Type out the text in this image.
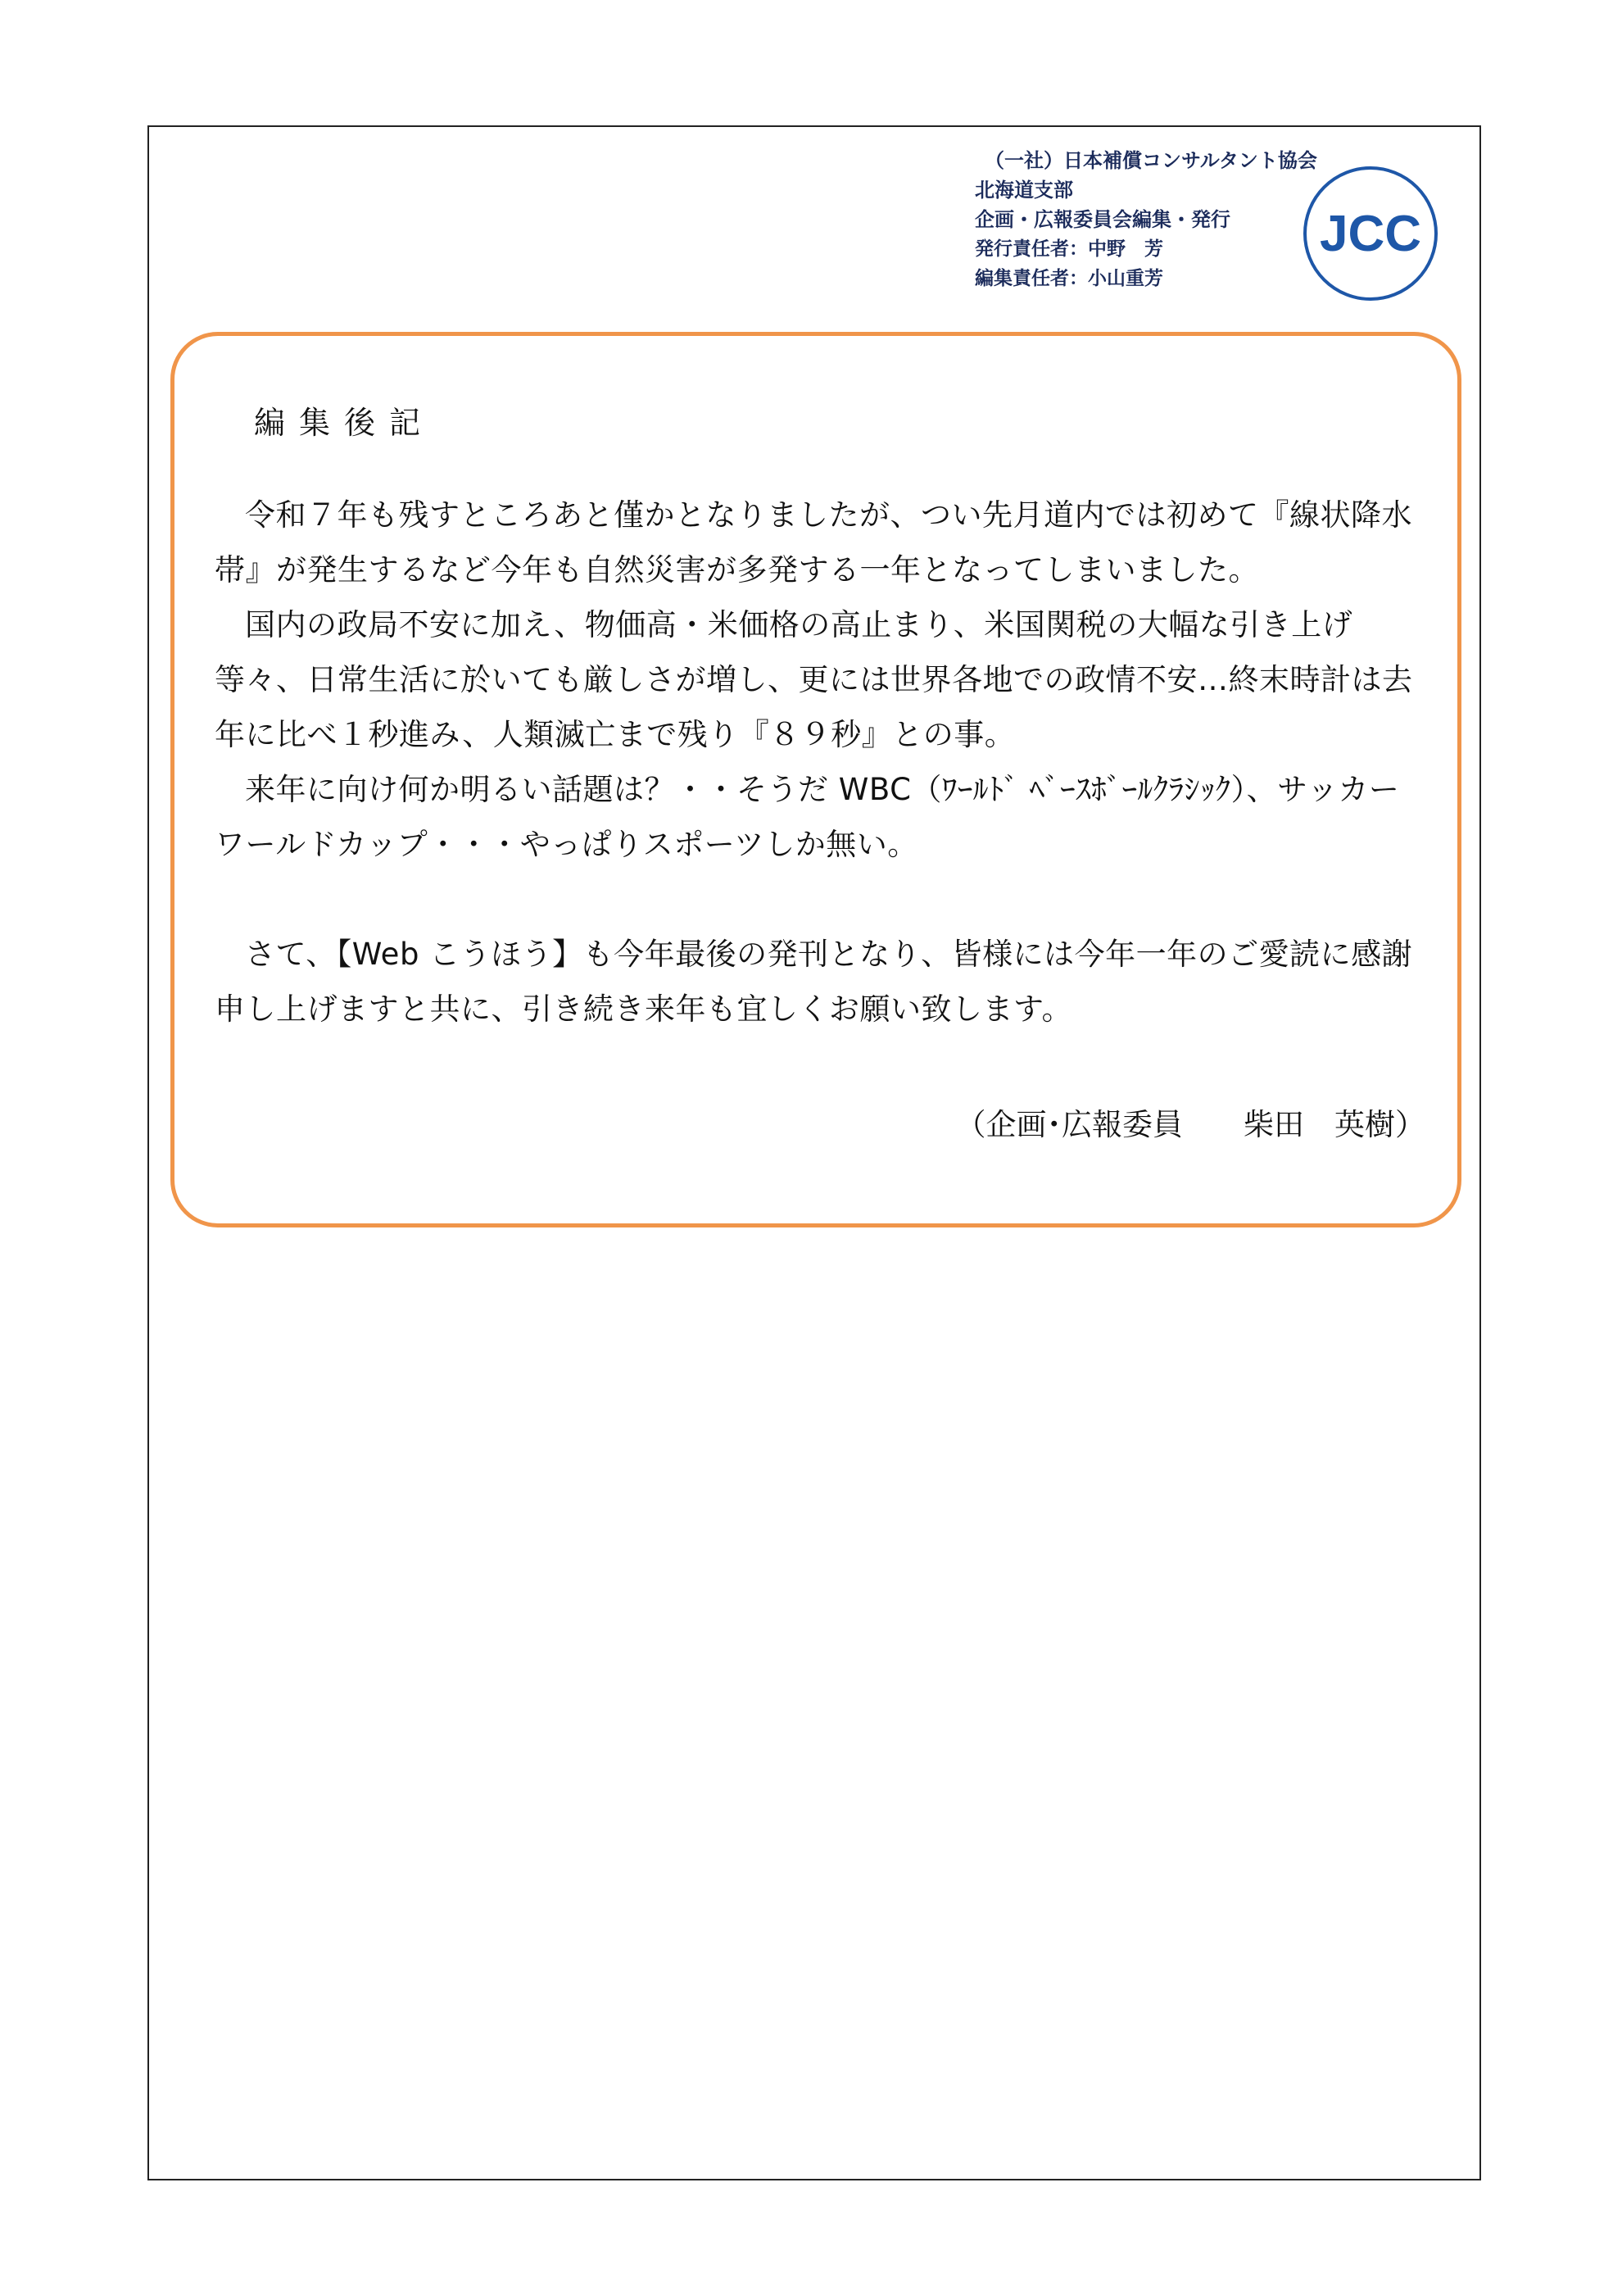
（一社）日本補償コンサルタント協会
北海道支部
企画・広報委員会編集・発行
発行責任者：中野　芳
編集責任者：小山重芳
JCC
編集後記

令和７年も残すところあと僅かとなりましたが、つい先月道内では初めて『線状降水帯』が発生するなど今年も自然災害が多発する一年となってしまいました。

国内の政局不安に加え、物価高・米価格の高止まり、米国関税の大幅な引き上げ等々、日常生活に於いても厳しさが増し、更には世界各地での政情不安…終末時計は去年に比べ１秒進み、人類滅亡まで残り『８９秒』との事。

来年に向け何か明るい話題は？・・そうだ WBC（ﾜｰﾙﾄﾞ ﾍﾞｰｽﾎﾞｰﾙｸﾗｼｯｸ）、サッカーワールドカップ・・・やっぱりスポーツしか無い。

さて、【Web こうほう】も今年最後の発刊となり、皆様には今年一年のご愛読に感謝申し上げますと共に、引き続き来年も宜しくお願い致します。

（企画･広報委員　　柴田　英樹）
